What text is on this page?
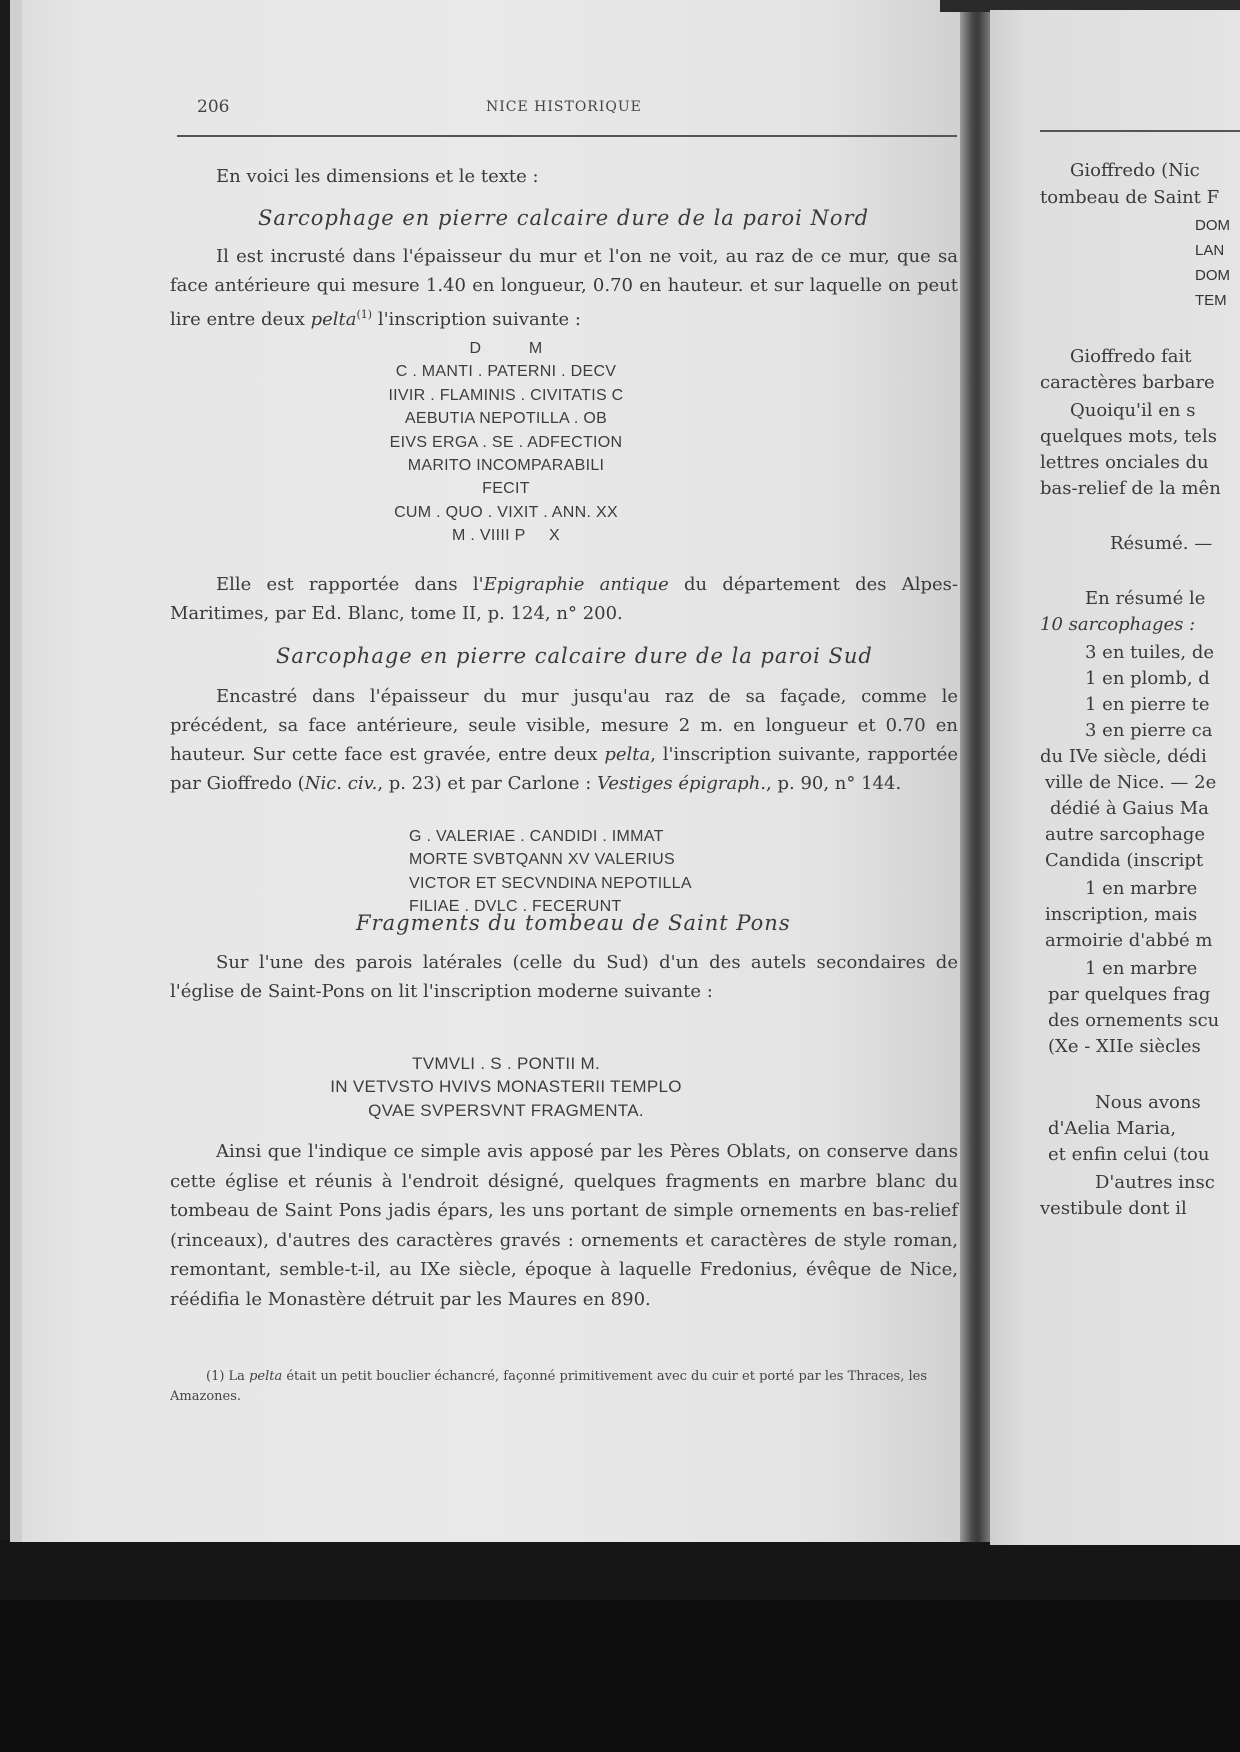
206	NICE HISTORIQUE
En voici les dimensions et le texte :
Sarcophage en pierre calcaire dure de la paroi Nord
Il est incrusté dans l'épaisseur du mur et l'on ne voit, au raz de ce mur, que sa face antérieure qui mesure 1.40 en longueur, 0.70 en hauteur. et sur laquelle on peut lire entre deux pelta$^{(1)}$ l'inscription suivante :
D          M
C . MANTI . PATERNI . DECV
IIVIR . FLAMINIS . CIVITATIS C
AEBUTIA NEPOTILLA . OB
EIVS ERGA . SE . ADFECTION
MARITO INCOMPARABILI
FECIT
CUM . QUO . VIXIT . ANN. XX
M . VIIII P     X
Elle est rapportée dans l'Epigraphie antique du département des Alpes-Maritimes, par Ed. Blanc, tome II, p. 124, n° 200.
Sarcophage en pierre calcaire dure de la paroi Sud
Encastré dans l'épaisseur du mur jusqu'au raz de sa façade, comme le précédent, sa face antérieure, seule visible, mesure 2 m. en longueur et 0.70 en hauteur. Sur cette face est gravée, entre deux pelta, l'inscription suivante, rapportée par Gioffredo (Nic. civ., p. 23) et par Carlone : Vestiges épigraph., p. 90, n° 144.
G . VALERIAE . CANDIDI . IMMAT
MORTE SVBTQANN XV VALERIUS
VICTOR ET SECVNDINA NEPOTILLA
FILIAE . DVLC . FECERUNT
Fragments du tombeau de Saint Pons
Sur l'une des parois latérales (celle du Sud) d'un des autels secondaires de l'église de Saint-Pons on lit l'inscription moderne suivante :
TVMVLI . S . PONTII M.
IN VETVSTO HVIVS MONASTERII TEMPLO
QVAE SVPERSVNT FRAGMENTA.
Ainsi que l'indique ce simple avis apposé par les Pères Oblats, on conserve dans cette église et réunis à l'endroit désigné, quelques fragments en marbre blanc du tombeau de Saint Pons jadis épars, les uns portant de simple ornements en bas-relief (rinceaux), d'autres des caractères gravés : ornements et caractères de style roman, remontant, semble-t-il, au IXe siècle, époque à laquelle Fredonius, évêque de Nice, réédifia le Monastère détruit par les Maures en 890.
(1) La pelta était un petit bouclier échancré, façonné primitivement avec du cuir et porté par les Thraces, les Amazones.
Gioffredo (Nic
tombeau de Saint F
DOM
LAN
DOM
TEM
Gioffredo fait
caractères barbare
Quoiqu'il en s
quelques mots, tels
lettres onciales du
bas-relief de la mên
Résumé. —
En résumé le
10 sarcophages :
3 en tuiles, de
1 en plomb, d
1 en pierre te
3 en pierre ca
du IVe siècle, dédi
ville de Nice. — 2e
dédié à Gaius Ma
autre sarcophage
Candida (inscript
1 en marbre
inscription, mais
armoirie d'abbé m
1 en marbre
par quelques frag
des ornements scu
(Xe - XIIe siècles
Nous avons
d'Aelia Maria,
et enfin celui (tou
D'autres insc
vestibule dont il
